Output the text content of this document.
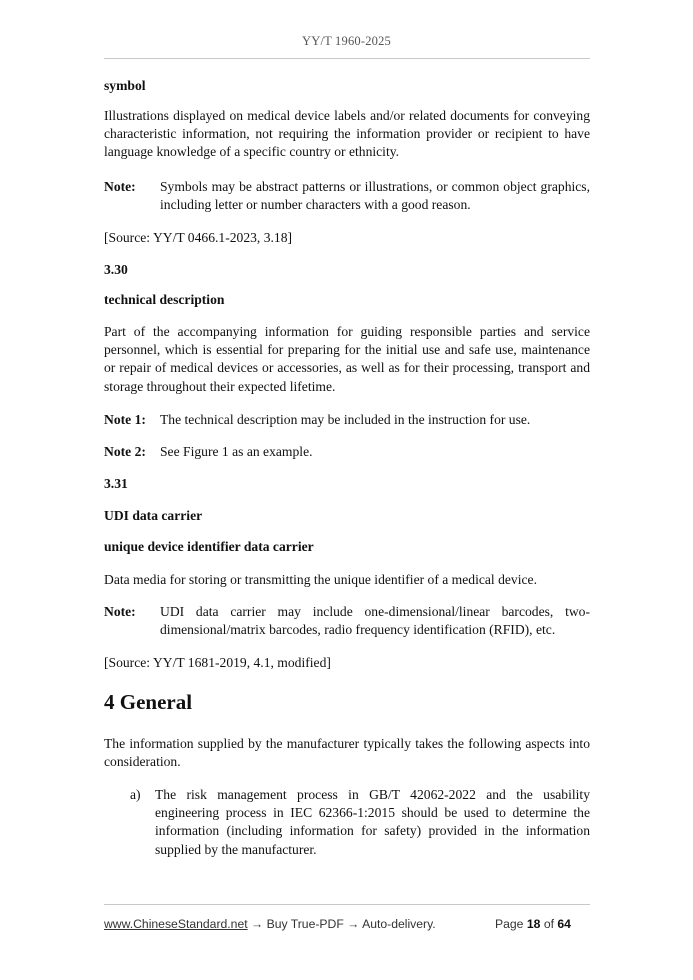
YY/T 1960-2025
symbol
Illustrations displayed on medical device labels and/or related documents for conveying characteristic information, not requiring the information provider or recipient to have language knowledge of a specific country or ethnicity.
Note: Symbols may be abstract patterns or illustrations, or common object graphics, including letter or number characters with a good reason.
[Source: YY/T 0466.1-2023, 3.18]
3.30
technical description
Part of the accompanying information for guiding responsible parties and service personnel, which is essential for preparing for the initial use and safe use, maintenance or repair of medical devices or accessories, as well as for their processing, transport and storage throughout their expected lifetime.
Note 1: The technical description may be included in the instruction for use.
Note 2: See Figure 1 as an example.
3.31
UDI data carrier
unique device identifier data carrier
Data media for storing or transmitting the unique identifier of a medical device.
Note: UDI data carrier may include one-dimensional/linear barcodes, two-dimensional/matrix barcodes, radio frequency identification (RFID), etc.
[Source: YY/T 1681-2019, 4.1, modified]
4 General
The information supplied by the manufacturer typically takes the following aspects into consideration.
a) The risk management process in GB/T 42062-2022 and the usability engineering process in IEC 62366-1:2015 should be used to determine the information (including information for safety) provided in the information supplied by the manufacturer.
www.ChineseStandard.net → Buy True-PDF → Auto-delivery.	Page 18 of 64
